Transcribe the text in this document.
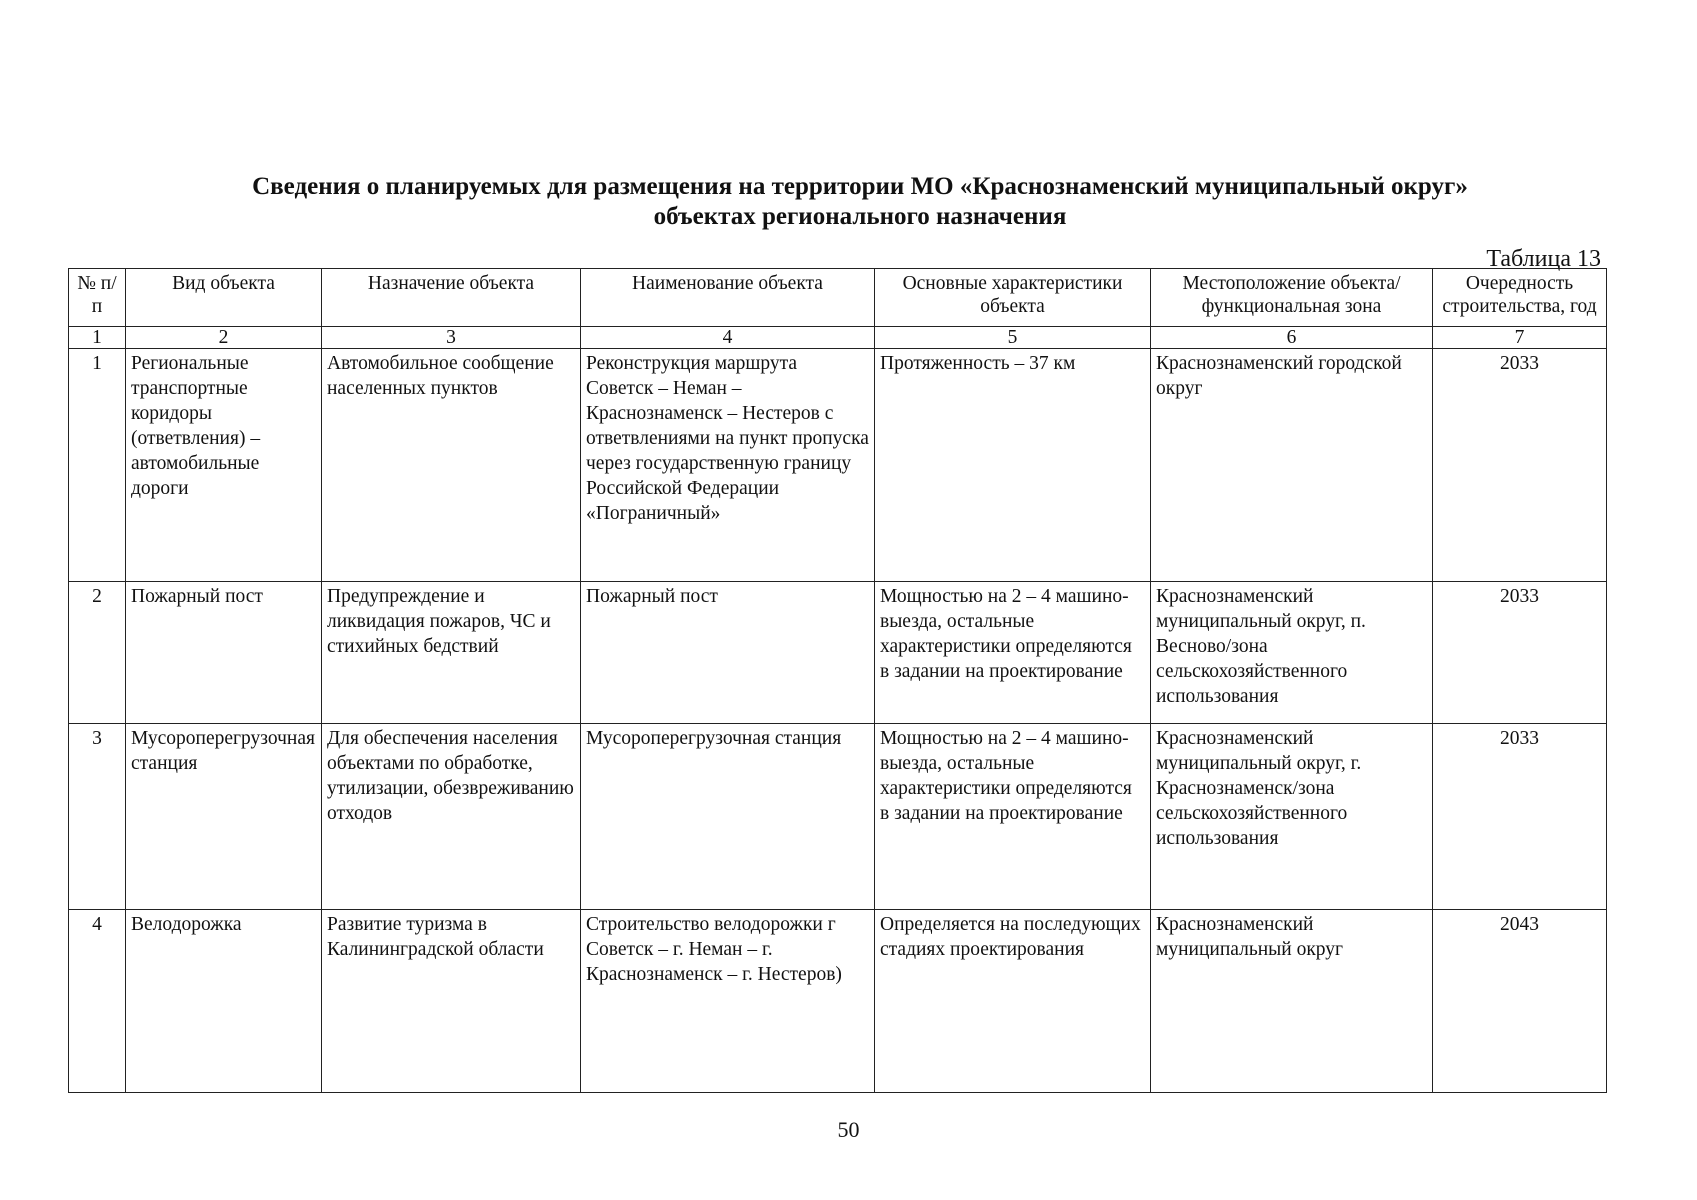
Сведения о планируемых для размещения на территории МО «Краснознаменский муниципальный округ»
объектах регионального назначения
Таблица 13
№ п/п	Вид объекта	Назначение объекта	Наименование объекта	Основные характеристики объекта	Местоположение объекта/ функциональная зона	Очередность строительства, год
1	2	3	4	5	6	7
1	Региональные транспортные коридоры (ответвления) – автомобильные дороги	Автомобильное сообщение населенных пунктов	Реконструкция маршрута Советск – Неман – Краснознаменск – Нестеров с ответвлениями на пункт пропуска через государственную границу Российской Федерации «Пограничный»	Протяженность – 37 км	Краснознаменский городской округ	2033
2	Пожарный пост	Предупреждение и ликвидация пожаров, ЧС и стихийных бедствий	Пожарный пост	Мощностью на 2 – 4 машино-выезда, остальные характеристики определяются в задании на проектирование	Краснознаменский муниципальный округ, п. Весново/зона сельскохозяйственного использования	2033
3	Мусороперегрузочная станция	Для обеспечения населения объектами по обработке, утилизации, обезвреживанию отходов	Мусороперегрузочная станция	Мощностью на 2 – 4 машино-выезда, остальные характеристики определяются в задании на проектирование	Краснознаменский муниципальный округ, г. Краснознаменск/зона сельскохозяйственного использования	2033
4	Велодорожка	Развитие туризма в Калининградской области	Строительство велодорожки г Советск – г. Неман – г. Краснознаменск – г. Нестеров)	Определяется на последующих стадиях проектирования	Краснознаменский муниципальный округ	2043
50
